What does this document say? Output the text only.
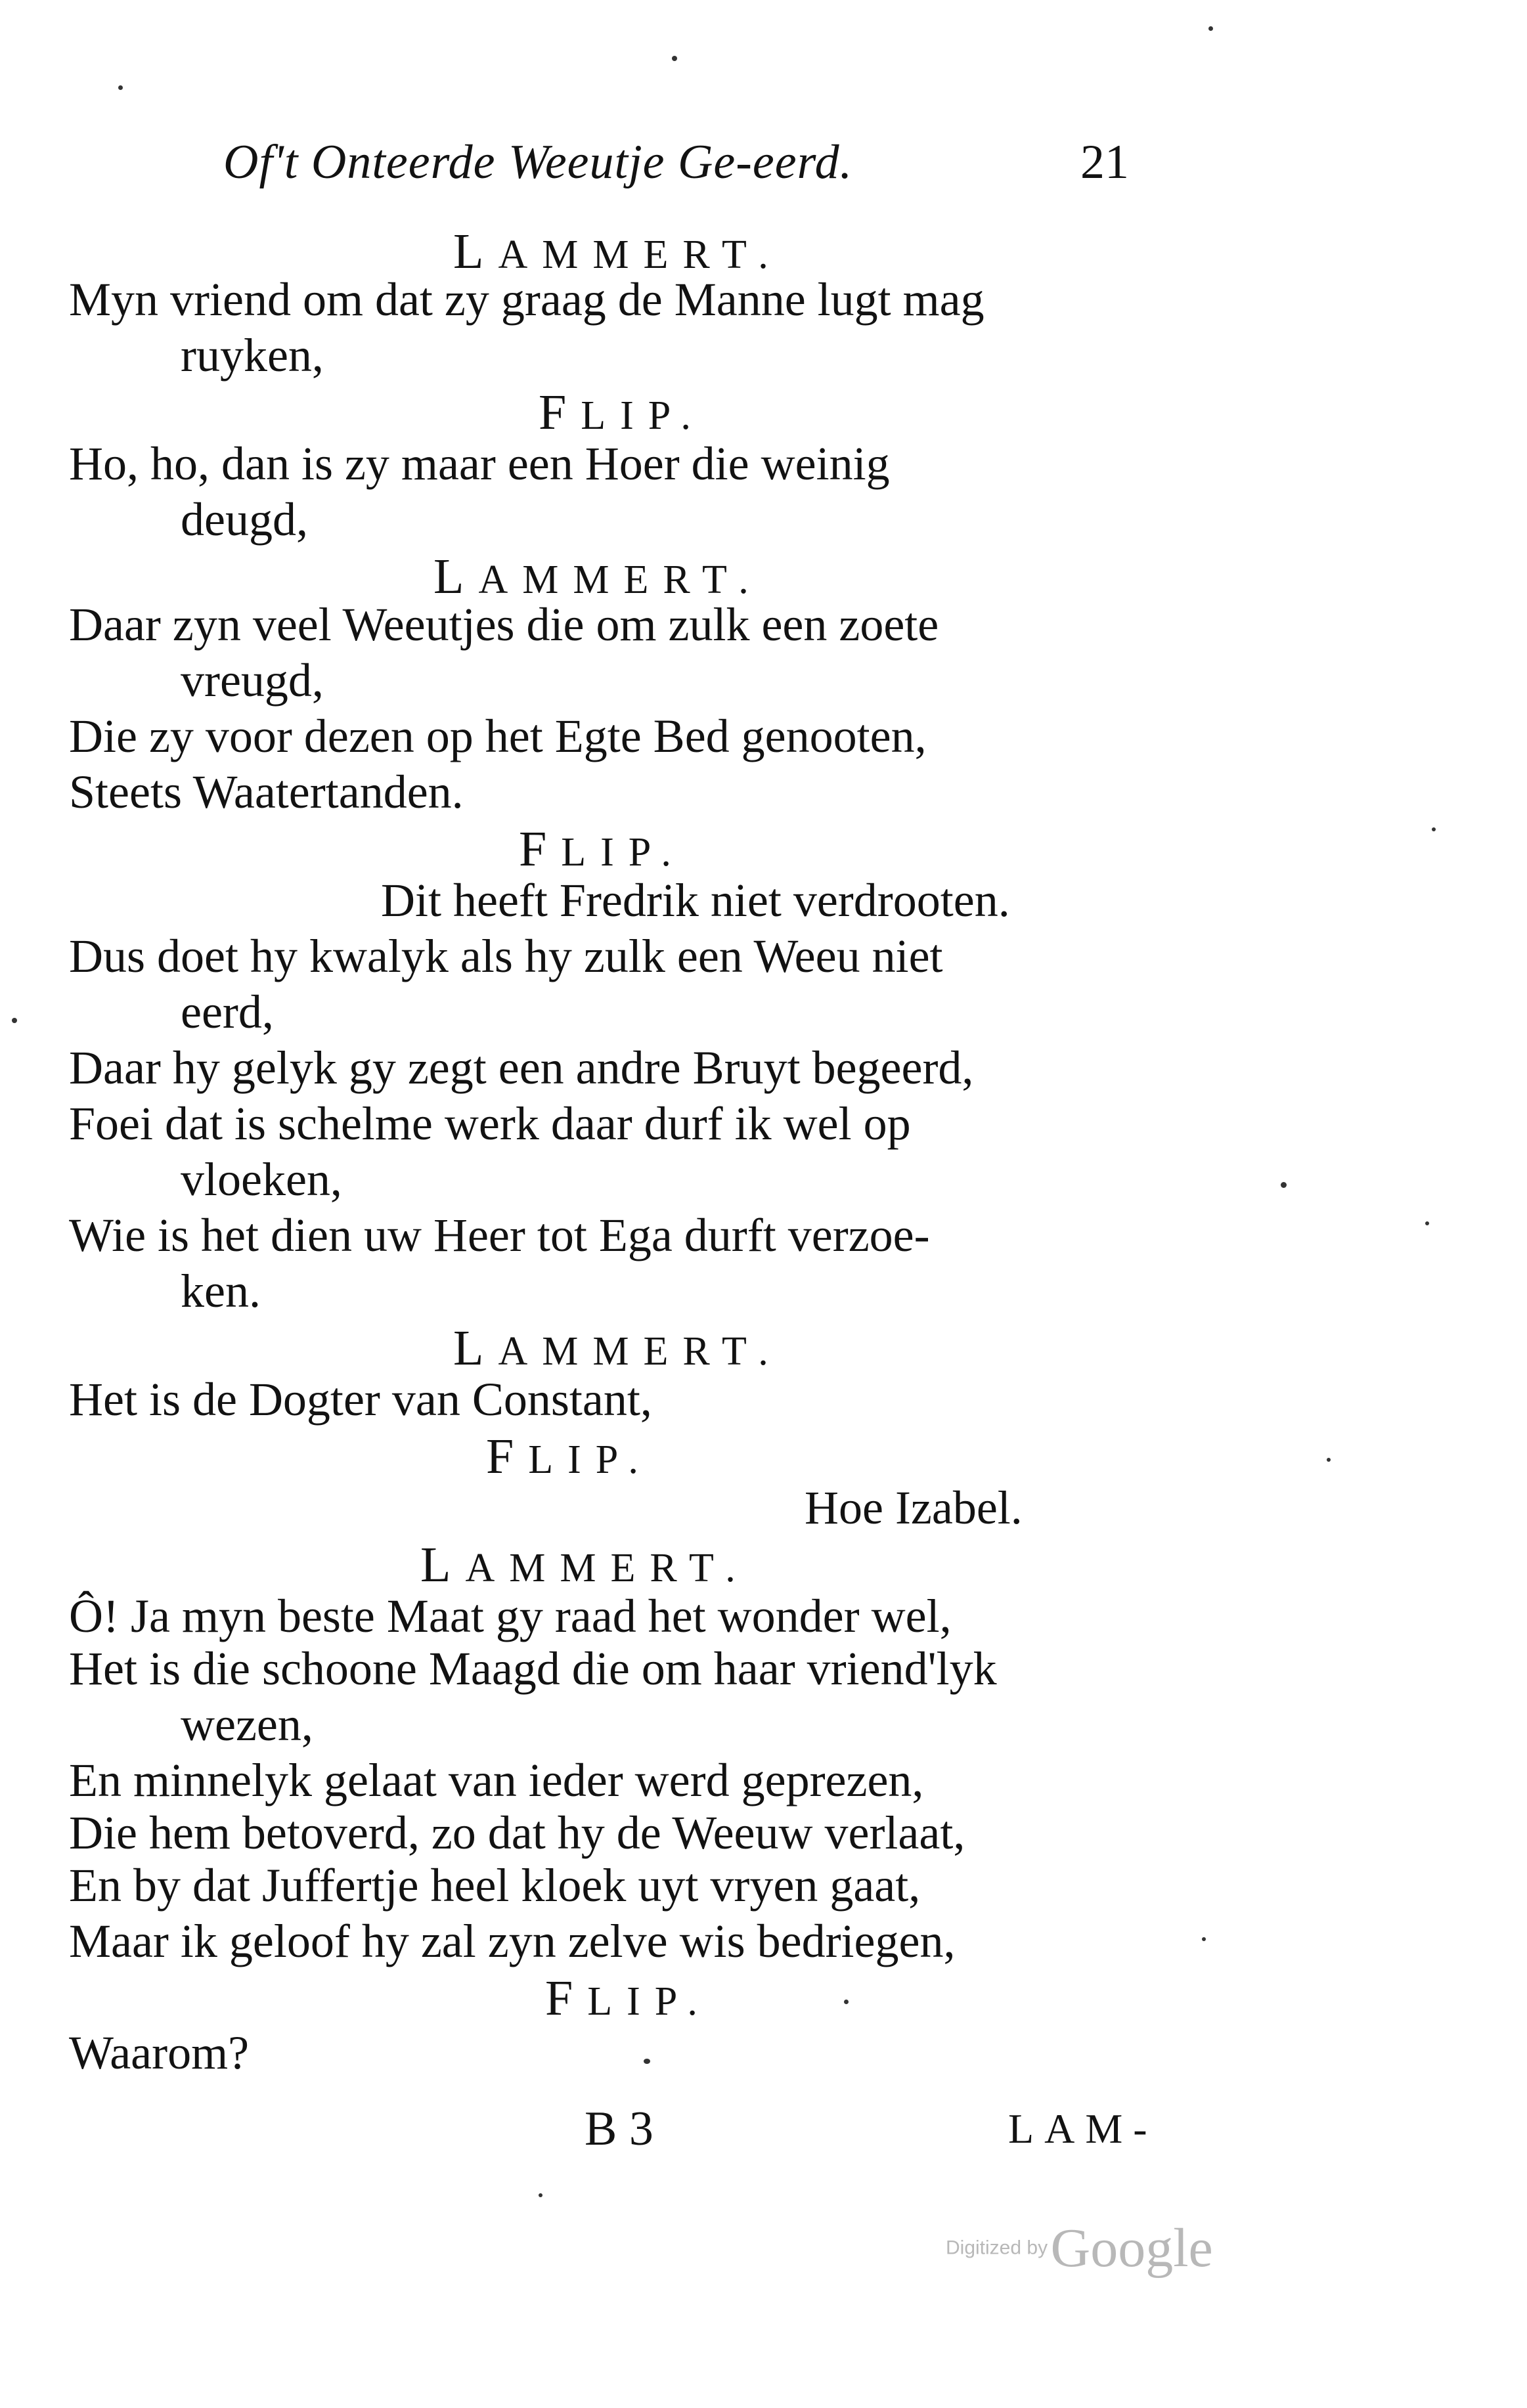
Of't Onteerde Weeutje Ge-eerd.	21
LAMMERT.
Myn vriend om dat zy graag de Manne lugt mag
ruyken,
FLIP.
Ho, ho, dan is zy maar een Hoer die weinig
deugd,
LAMMERT.
Daar zyn veel Weeutjes die om zulk een zoete
vreugd,
Die zy voor dezen op het Egte Bed genooten,
Steets Waatertanden.
FLIP.
Dit heeft Fredrik niet verdrooten.
Dus doet hy kwalyk als hy zulk een Weeu niet
eerd,
Daar hy gelyk gy zegt een andre Bruyt begeerd,
Foei dat is schelme werk daar durf ik wel op
vloeken,
Wie is het dien uw Heer tot Ega durft verzoe-
ken.
LAMMERT.
Het is de Dogter van Constant,
FLIP.
Hoe Izabel.
LAMMERT.
Ô! Ja myn beste Maat gy raad het wonder wel,
Het is die schoone Maagd die om haar vriend'lyk
wezen,
En minnelyk gelaat van ieder werd geprezen,
Die hem betoverd, zo dat hy de Weeuw verlaat,
En by dat Juffertje heel kloek uyt vryen gaat,
Maar ik geloof hy zal zyn zelve wis bedriegen,
FLIP.
Waarom?
B 3	LAM-
Digitized by Google
